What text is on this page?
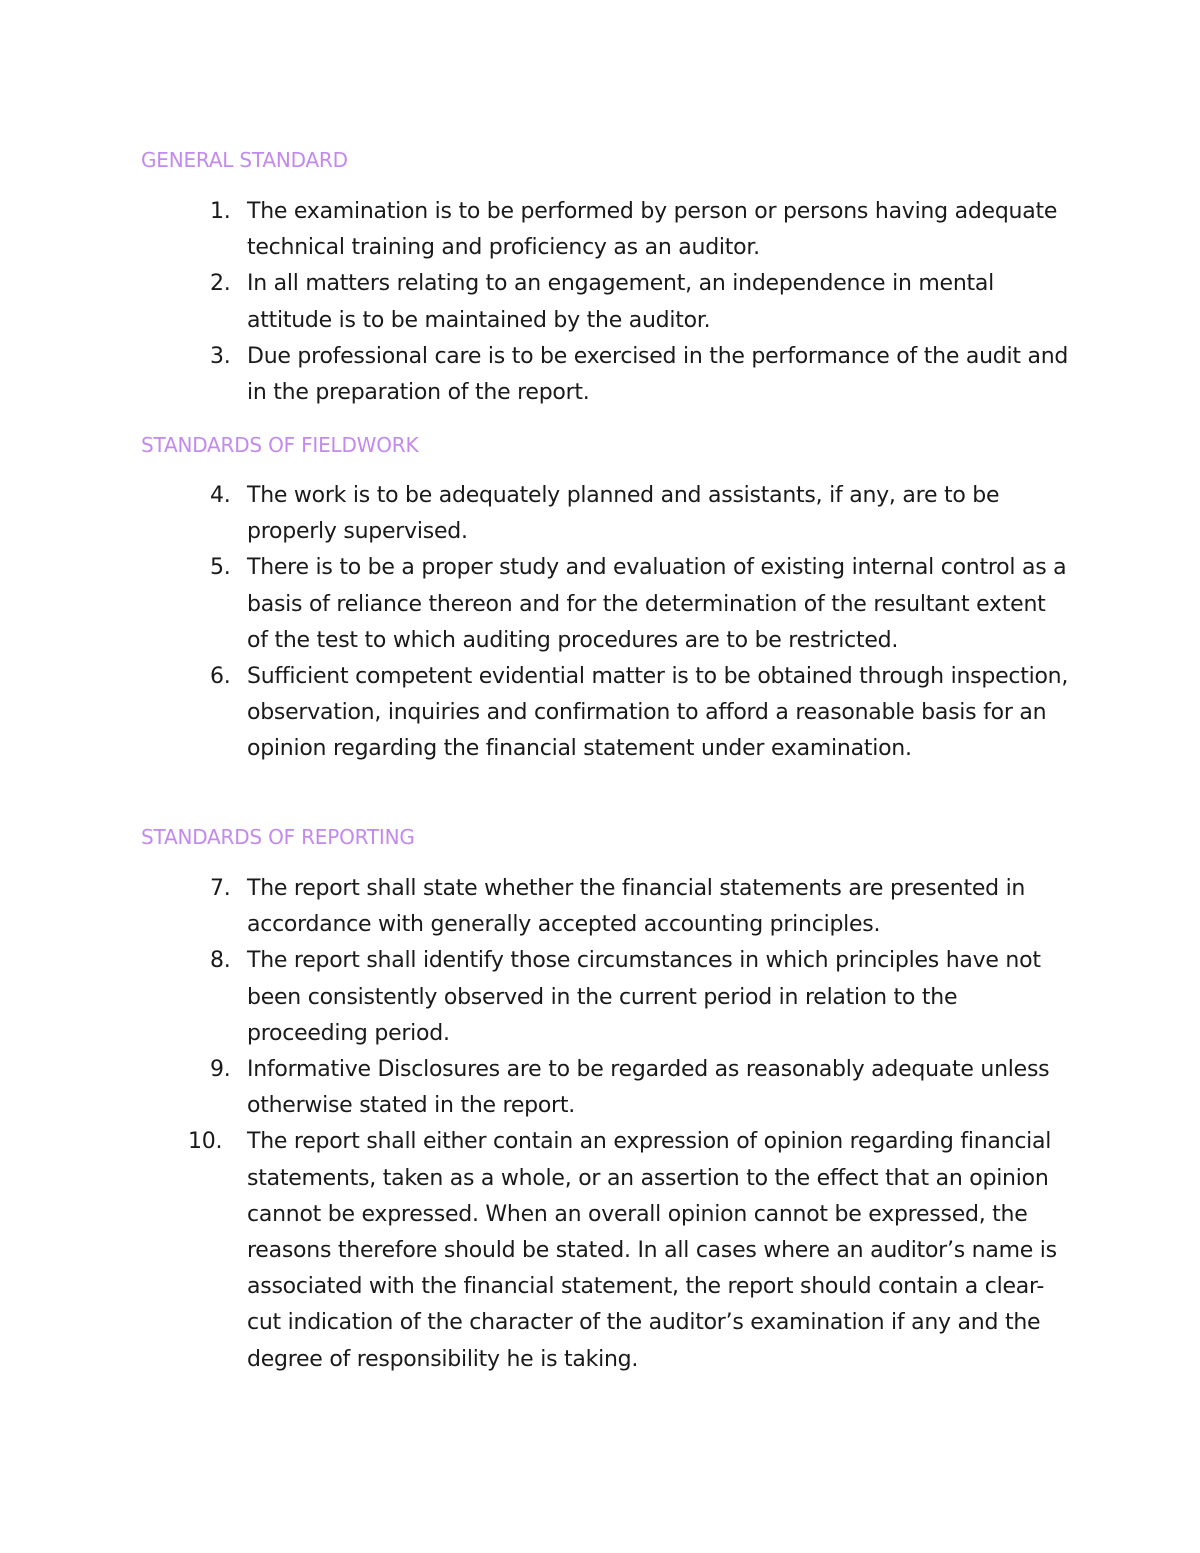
GENERAL STANDARD
1. The examination is to be performed by person or persons having adequate technical training and proficiency as an auditor.
2. In all matters relating to an engagement, an independence in mental attitude is to be maintained by the auditor.
3. Due professional care is to be exercised in the performance of the audit and in the preparation of the report.
STANDARDS OF FIELDWORK
4. The work is to be adequately planned and assistants, if any, are to be properly supervised.
5. There is to be a proper study and evaluation of existing internal control as a basis of reliance thereon and for the determination of the resultant extent of the test to which auditing procedures are to be restricted.
6. Sufficient competent evidential matter is to be obtained through inspection, observation, inquiries and confirmation to afford a reasonable basis for an opinion regarding the financial statement under examination.
STANDARDS OF REPORTING
7. The report shall state whether the financial statements are presented in accordance with generally accepted accounting principles.
8. The report shall identify those circumstances in which principles have not been consistently observed in the current period in relation to the proceeding period.
9. Informative Disclosures are to be regarded as reasonably adequate unless otherwise stated in the report.
10. The report shall either contain an expression of opinion regarding financial statements, taken as a whole, or an assertion to the effect that an opinion cannot be expressed. When an overall opinion cannot be expressed, the reasons therefore should be stated. In all cases where an auditor’s name is associated with the financial statement, the report should contain a clear-cut indication of the character of the auditor’s examination if any and the degree of responsibility he is taking.
